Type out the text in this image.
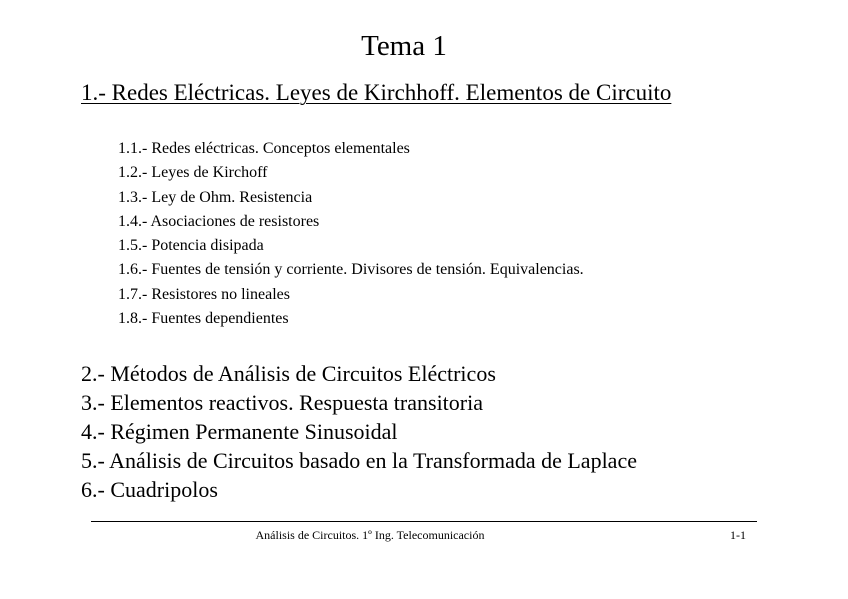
Tema 1
1.- Redes Eléctricas. Leyes de Kirchhoff. Elementos de Circuito
1.1.- Redes eléctricas. Conceptos elementales
1.2.- Leyes de Kirchoff
1.3.- Ley de Ohm. Resistencia
1.4.- Asociaciones de resistores
1.5.- Potencia disipada
1.6.- Fuentes de tensión y corriente. Divisores de tensión. Equivalencias.
1.7.- Resistores no lineales
1.8.- Fuentes dependientes
2.- Métodos de Análisis de Circuitos Eléctricos
3.- Elementos reactivos. Respuesta transitoria
4.- Régimen Permanente Sinusoidal
5.- Análisis de Circuitos basado en la Transformada de Laplace
6.- Cuadripolos
Análisis de Circuitos. 1º Ing. Telecomunicación	1-1
